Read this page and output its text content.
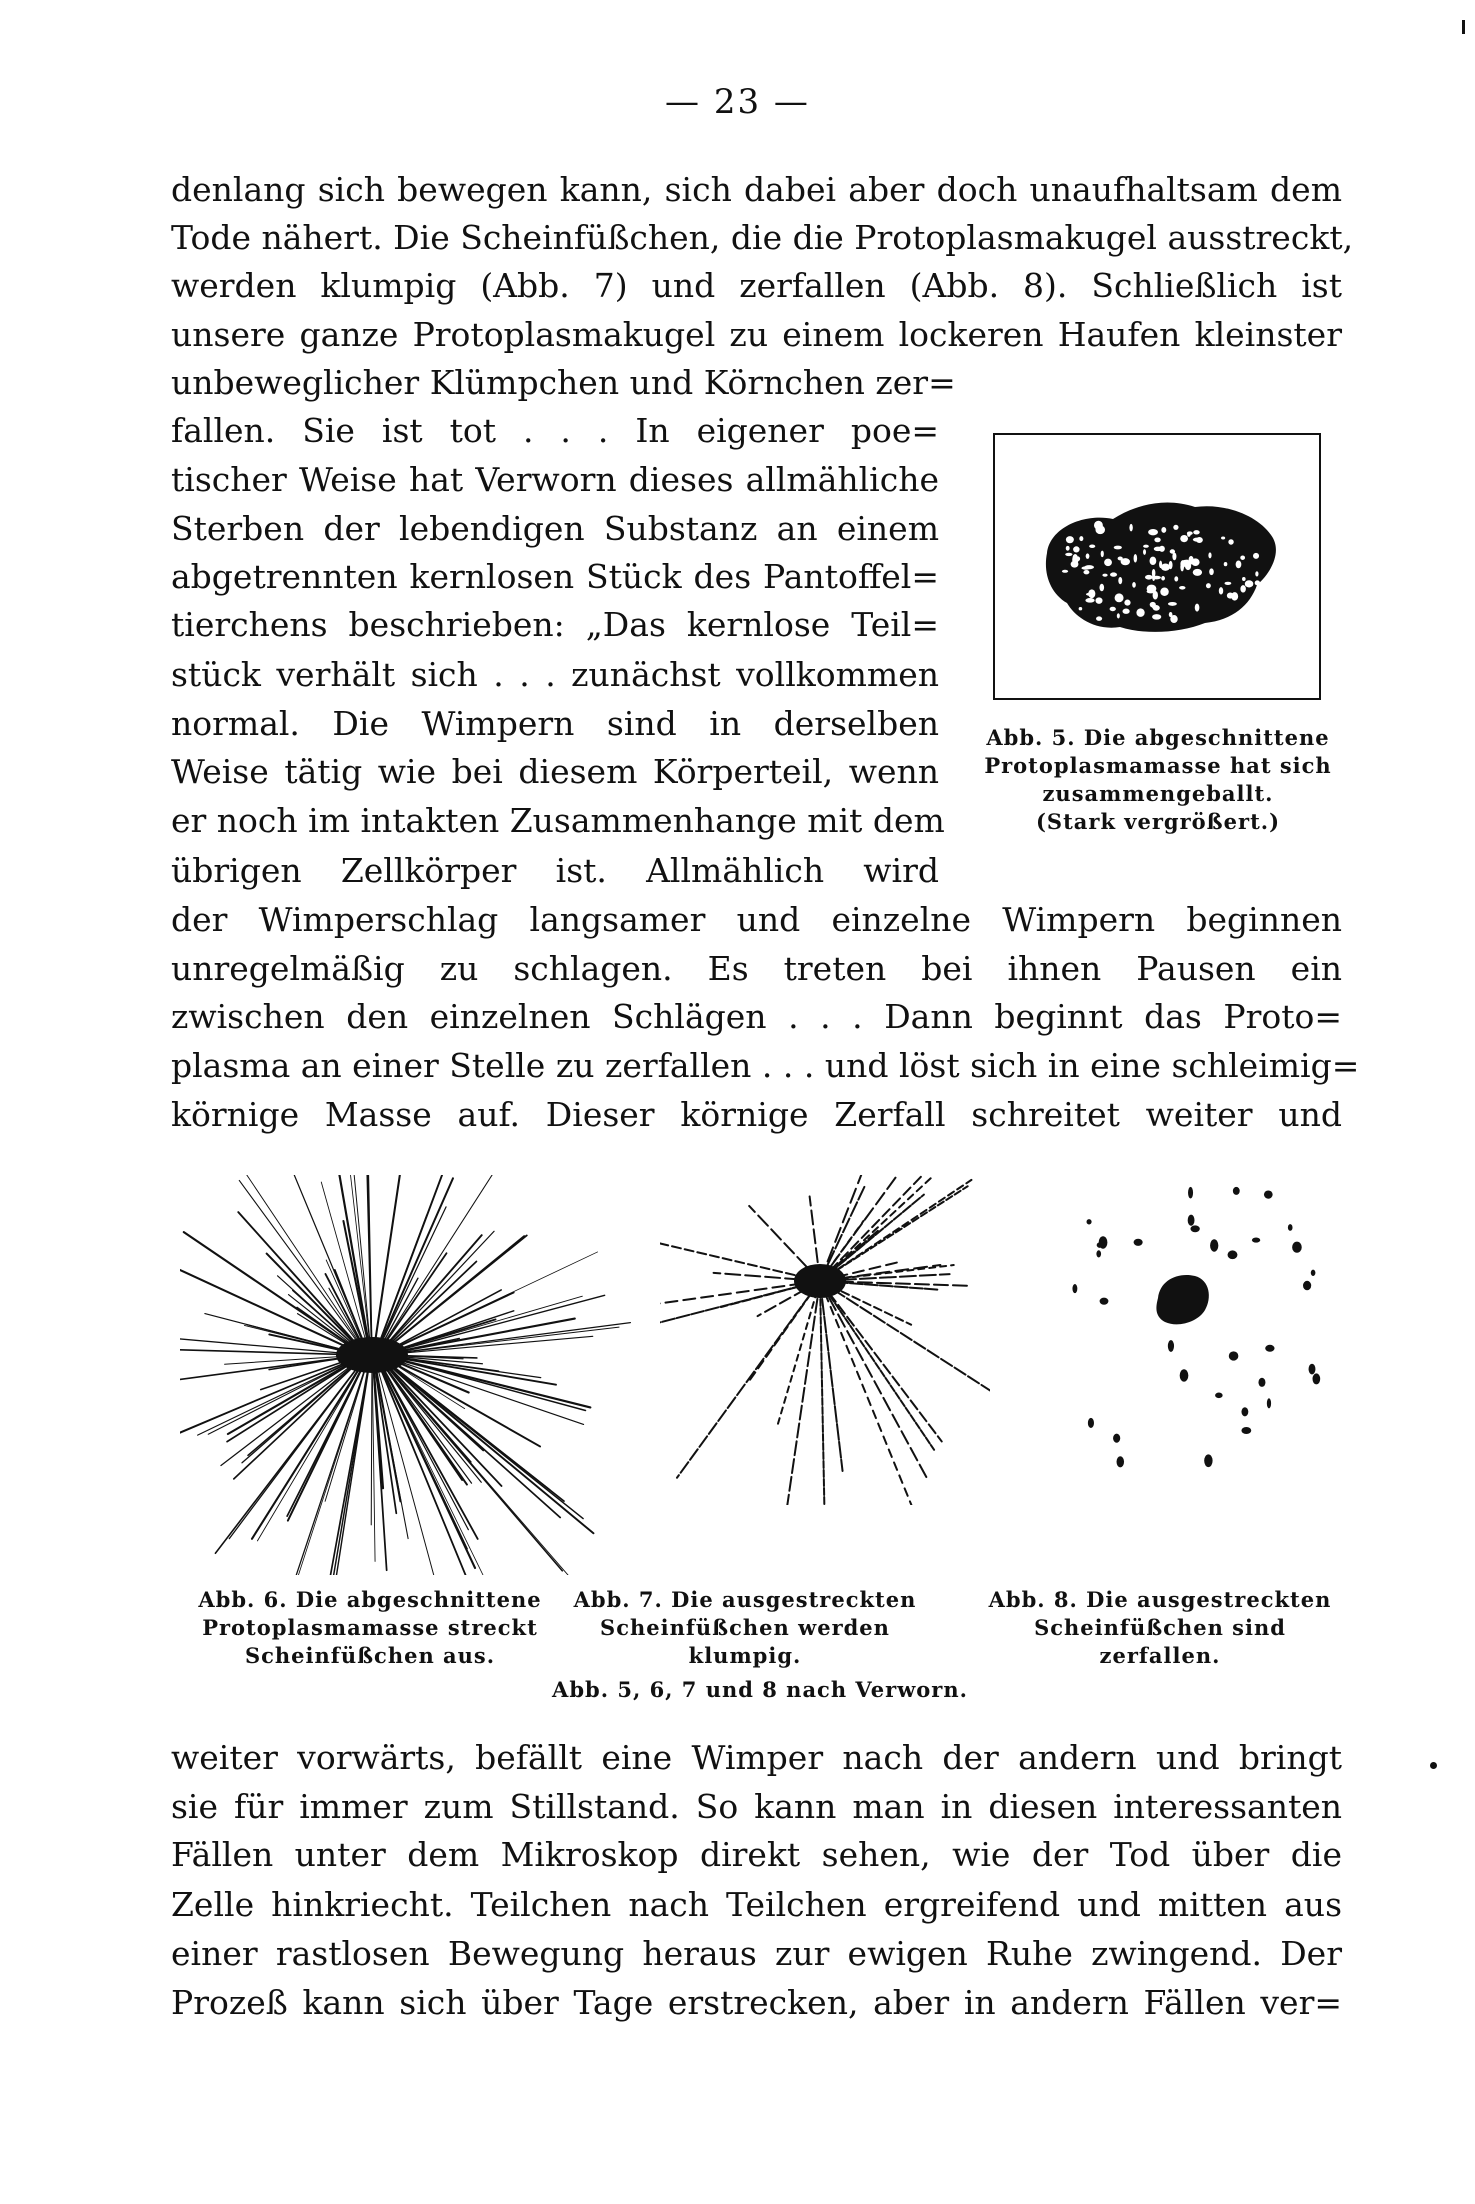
— 23 —
denlang sich bewegen kann, sich dabei aber doch unaufhaltsam dem
Tode nähert. Die Scheinfüßchen, die die Protoplasmakugel ausstreckt,
werden klumpig (Abb. 7) und zerfallen (Abb. 8). Schließlich ist
unsere ganze Protoplasmakugel zu einem lockeren Haufen kleinster
unbeweglicher Klümpchen und Körnchen zer=
fallen. Sie ist tot . . . In eigener poe=
tischer Weise hat Verworn dieses allmähliche
Sterben der lebendigen Substanz an einem
abgetrennten kernlosen Stück des Pantoffel=
tierchens beschrieben: „Das kernlose Teil=
stück verhält sich . . . zunächst vollkommen
normal. Die Wimpern sind in derselben
Weise tätig wie bei diesem Körperteil, wenn
er noch im intakten Zusammenhange mit dem
übrigen Zellkörper ist. Allmählich wird
der Wimperschlag langsamer und einzelne Wimpern beginnen
unregelmäßig zu schlagen. Es treten bei ihnen Pausen ein
zwischen den einzelnen Schlägen . . . Dann beginnt das Proto=
plasma an einer Stelle zu zerfallen . . . und löst sich in eine schleimig=
körnige Masse auf. Dieser körnige Zerfall schreitet weiter und
Abb. 5. Die abgeschnittene
Protoplasmamasse hat sich
zusammengeballt.
(Stark vergrößert.)
Abb. 6. Die abgeschnittene
Protoplasmamasse streckt
Scheinfüßchen aus.
Abb. 7. Die ausgestreckten
Scheinfüßchen werden
klumpig.
Abb. 8. Die ausgestreckten
Scheinfüßchen sind
zerfallen.
Abb. 5, 6, 7 und 8 nach Verworn.
weiter vorwärts, befällt eine Wimper nach der andern und bringt
sie für immer zum Stillstand. So kann man in diesen interessanten
Fällen unter dem Mikroskop direkt sehen, wie der Tod über die
Zelle hinkriecht. Teilchen nach Teilchen ergreifend und mitten aus
einer rastlosen Bewegung heraus zur ewigen Ruhe zwingend. Der
Prozeß kann sich über Tage erstrecken, aber in andern Fällen ver=
